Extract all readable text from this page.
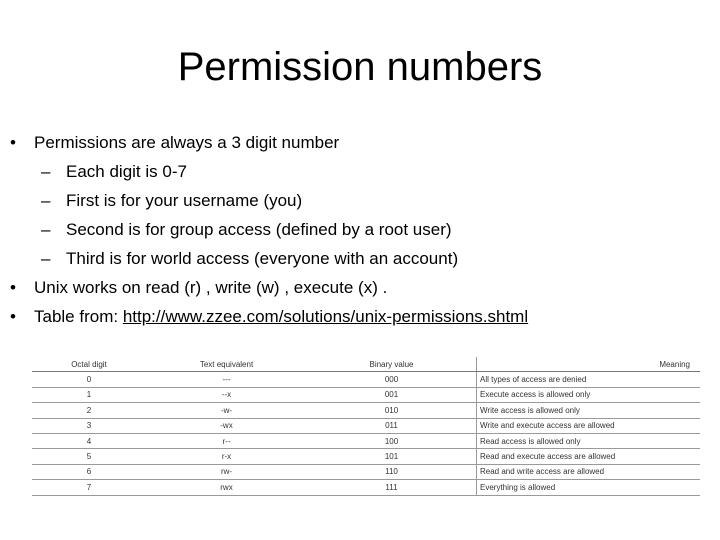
Permission numbers
• Permissions are always a 3 digit number
– Each digit is 0-7
– First is for your username (you)
– Second is for group access (defined by a root user)
– Third is for world access (everyone with an account)
• Unix works on read (r) , write (w) , execute (x) .
• Table from: http://www.zzee.com/solutions/unix-permissions.shtml
Octal digit	Text equivalent	Binary value	Meaning
0	---	000	All types of access are denied
1	--x	001	Execute access is allowed only
2	-w-	010	Write access is allowed only
3	-wx	011	Write and execute access are allowed
4	r--	100	Read access is allowed only
5	r-x	101	Read and execute access are allowed
6	rw-	110	Read and write access are allowed
7	rwx	111	Everything is allowed
